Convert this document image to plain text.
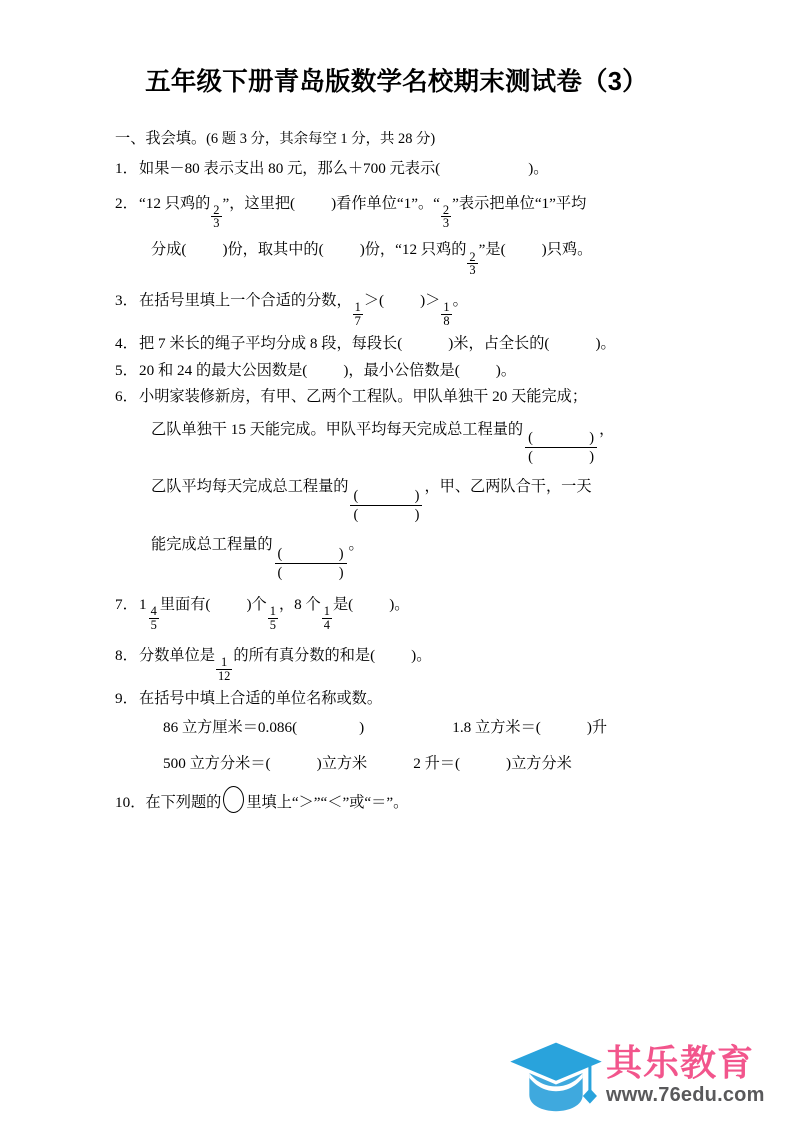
五年级下册青岛版数学名校期末测试卷（3）
一、我会填。(6 题 3 分，其余每空 1 分，共 28 分)
1．如果－80 表示支出 80 元，那么＋700 元表示(	)。
2．“12 只鸡的
$\frac{2}{3}$
”，这里把( )看作单位“1”。“
$\frac{2}{3}$
”表示把单位“1”平均
分成( )份，取其中的( )份，“12 只鸡的
$\frac{2}{3}$
”是( )只鸡。
3．在括号里填上一个合适的分数，
$\frac{1}{7}$
＞( )＞
$\frac{1}{8}$
。
4．把 7 米长的绳子平均分成 8 段，每段长(	)米，占全长的(	)。
5．20 和 24 的最大公因数是( )，最小公倍数是( )。
6．小明家装修新房，有甲、乙两个工程队。甲队单独干 20 天能完成；
乙队单独干 15 天能完成。甲队平均每天完成总工程量的
(	)
(	)
，
乙队平均每天完成总工程量的
(	)
(	)
，甲、乙两队合干，一天
能完成总工程量的
(	)
(	)
。
7．1
$\frac{4}{5}$
里面有( )个
$\frac{1}{5}$
，8 个
$\frac{1}{4}$
是( )。
8．分数单位是
$\frac{1}{12}$
的所有真分数的和是( )。
9．在括号中填上合适的单位名称或数。
86 立方厘米＝0.086(	)	1.8 立方米＝(	)升
500 立方分米＝(	)立方米	2 升＝(	)立方分米
10．在下列题的 里填上“＞”“＜”或“＝”。
其乐教育
www.76edu.com
